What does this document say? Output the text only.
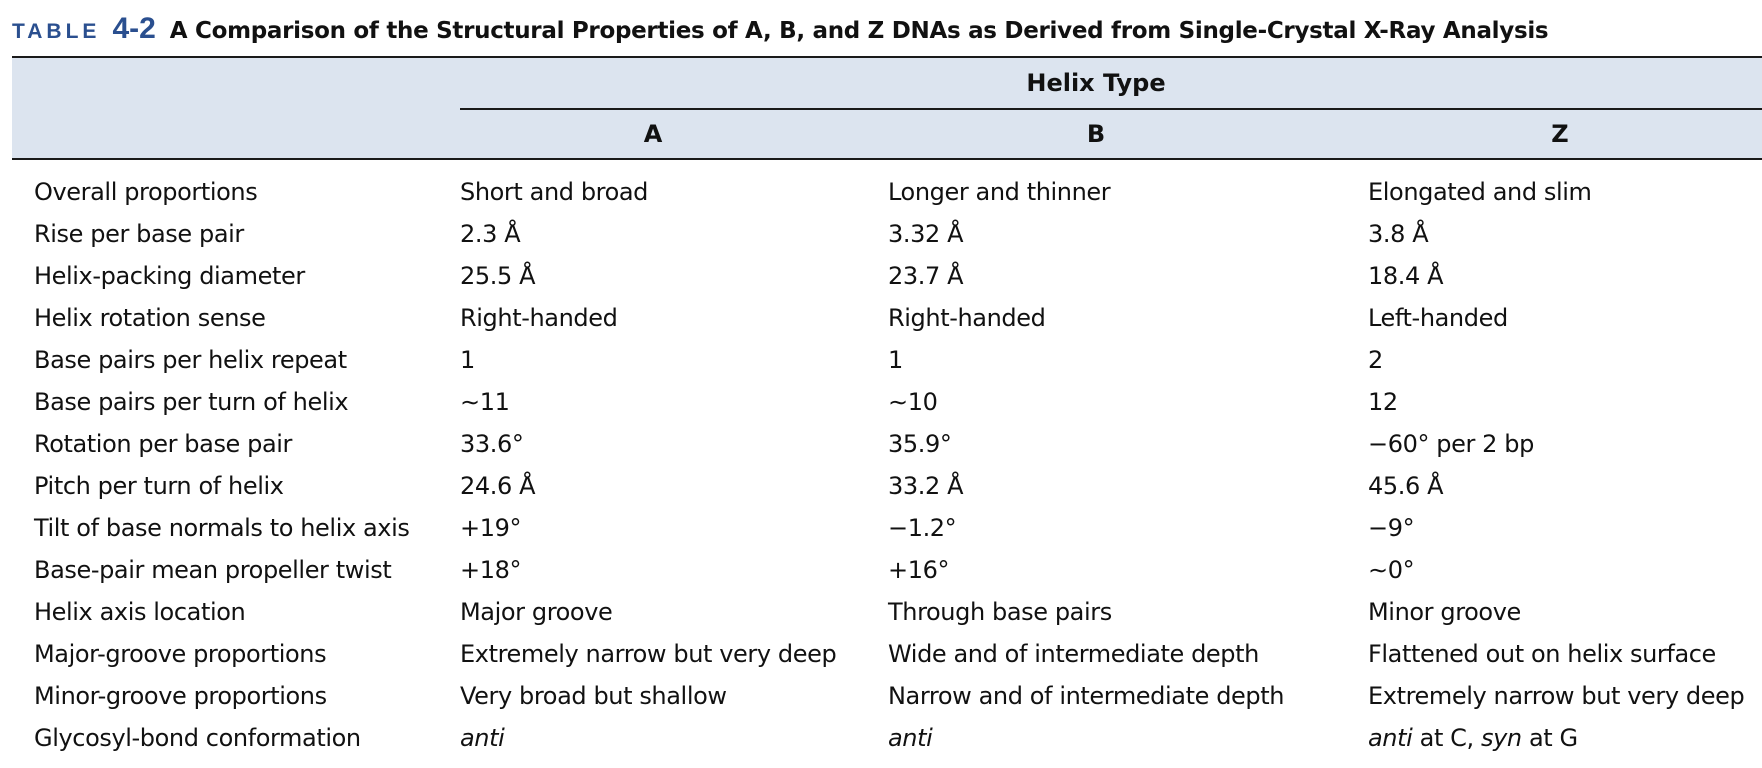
TABLE 4-2 A Comparison of the Structural Properties of A, B, and Z DNAs as Derived from Single-Crystal X-Ray Analysis
Helix Type
A	B	Z
Overall proportions	Short and broad	Longer and thinner	Elongated and slim
Rise per base pair	2.3 Å	3.32 Å	3.8 Å
Helix-packing diameter	25.5 Å	23.7 Å	18.4 Å
Helix rotation sense	Right-handed	Right-handed	Left-handed
Base pairs per helix repeat	1	1	2
Base pairs per turn of helix	∼11	∼10	12
Rotation per base pair	33.6°	35.9°	−60° per 2 bp
Pitch per turn of helix	24.6 Å	33.2 Å	45.6 Å
Tilt of base normals to helix axis	+19°	−1.2°	−9°
Base-pair mean propeller twist	+18°	+16°	∼0°
Helix axis location	Major groove	Through base pairs	Minor groove
Major-groove proportions	Extremely narrow but very deep	Wide and of intermediate depth	Flattened out on helix surface
Minor-groove proportions	Very broad but shallow	Narrow and of intermediate depth	Extremely narrow but very deep
Glycosyl-bond conformation	anti	anti	anti at C, syn at G
